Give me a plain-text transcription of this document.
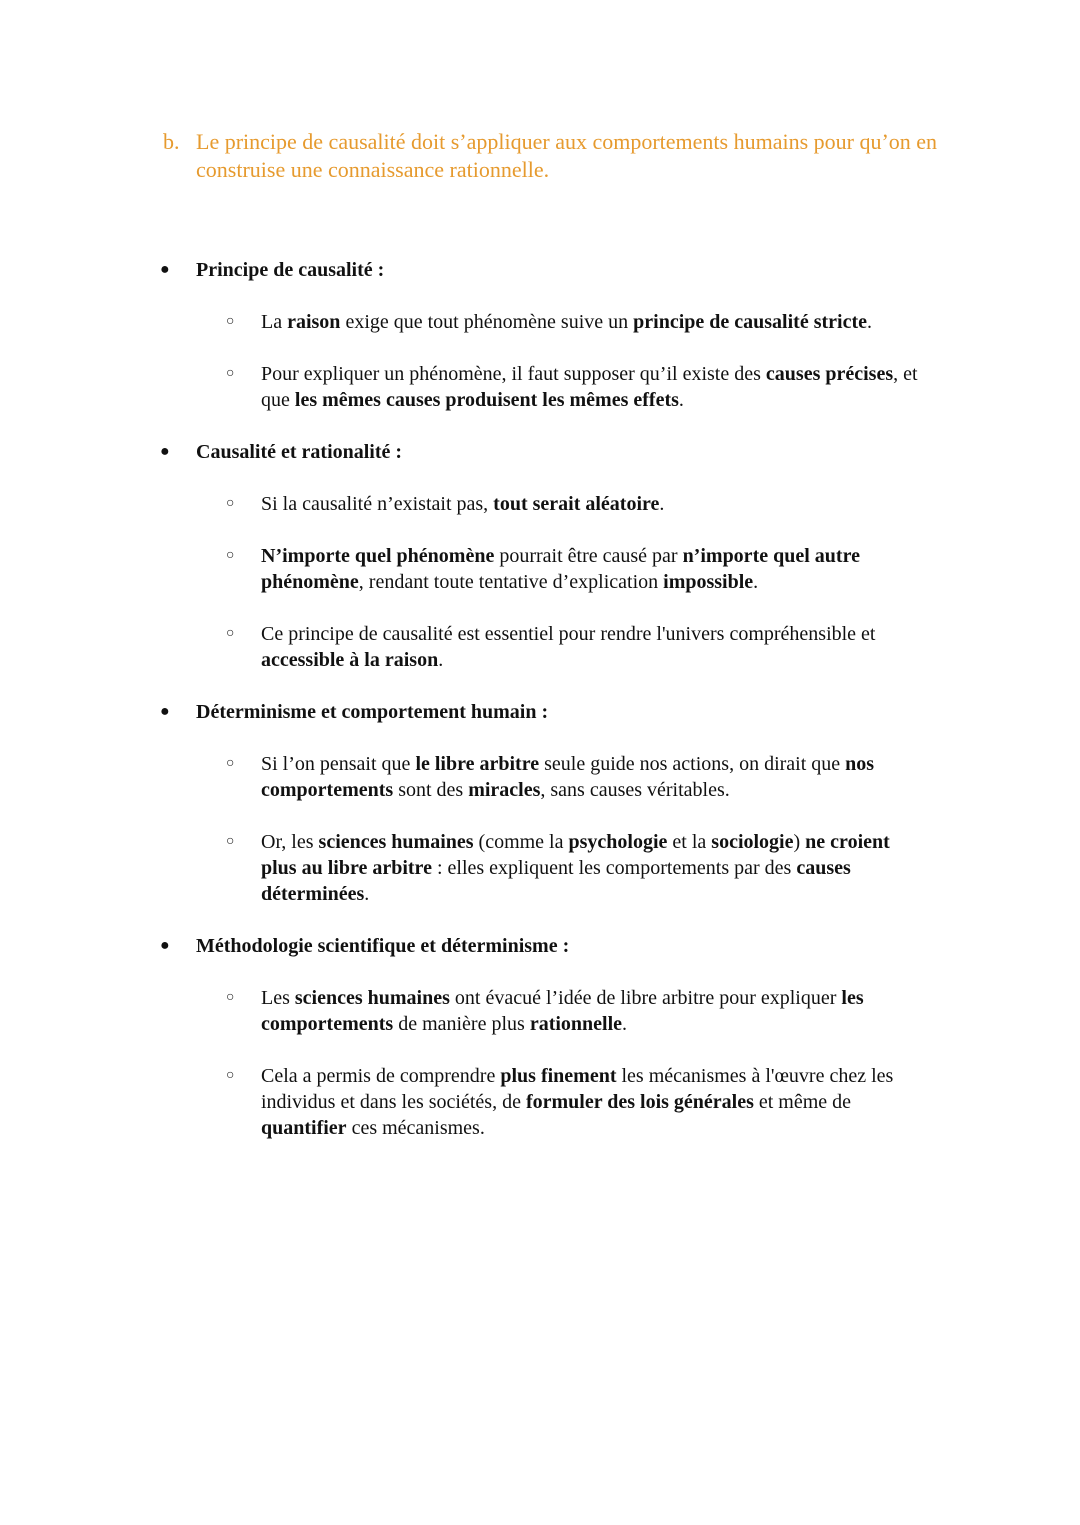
b. Le principe de causalité doit s’appliquer aux comportements humains pour qu’on en construise une connaissance rationnelle.
●	Principe de causalité :
○	La raison exige que tout phénomène suive un principe de causalité stricte.
○	Pour expliquer un phénomène, il faut supposer qu’il existe des causes précises, et que les mêmes causes produisent les mêmes effets.
●	Causalité et rationalité :
○	Si la causalité n’existait pas, tout serait aléatoire.
○	N’importe quel phénomène pourrait être causé par n’importe quel autre phénomène, rendant toute tentative d’explication impossible.
○	Ce principe de causalité est essentiel pour rendre l'univers compréhensible et accessible à la raison.
●	Déterminisme et comportement humain :
○	Si l’on pensait que le libre arbitre seule guide nos actions, on dirait que nos comportements sont des miracles, sans causes véritables.
○	Or, les sciences humaines (comme la psychologie et la sociologie) ne croient plus au libre arbitre : elles expliquent les comportements par des causes déterminées.
●	Méthodologie scientifique et déterminisme :
○	Les sciences humaines ont évacué l’idée de libre arbitre pour expliquer les comportements de manière plus rationnelle.
○	Cela a permis de comprendre plus finement les mécanismes à l'œuvre chez les individus et dans les sociétés, de formuler des lois générales et même de quantifier ces mécanismes.
